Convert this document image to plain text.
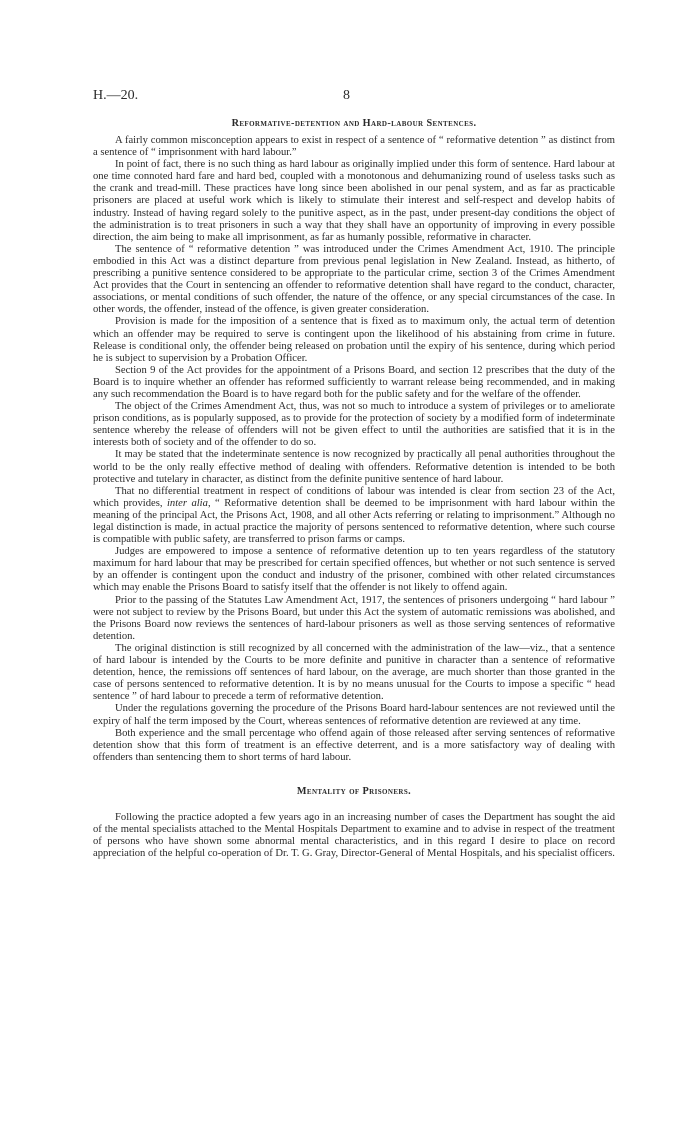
H.—20.	8
Reformative-detention and Hard-labour Sentences.

A fairly common misconception appears to exist in respect of a sentence of “ reformative detention ” as distinct from a sentence of “ imprisonment with hard labour.”

In point of fact, there is no such thing as hard labour as originally implied under this form of sentence. Hard labour at one time connoted hard fare and hard bed, coupled with a monotonous and dehumanizing round of useless tasks such as the crank and tread-mill. These practices have long since been abolished in our penal system, and as far as practicable prisoners are placed at useful work which is likely to stimulate their interest and self-respect and develop habits of industry. Instead of having regard solely to the punitive aspect, as in the past, under present-day conditions the object of the administration is to treat prisoners in such a way that they shall have an opportunity of improving in every possible direction, the aim being to make all imprisonment, as far as humanly possible, reformative in character.

The sentence of “ reformative detention ” was introduced under the Crimes Amendment Act, 1910. The principle embodied in this Act was a distinct departure from previous penal legislation in New Zealand. Instead, as hitherto, of prescribing a punitive sentence considered to be appropriate to the particular crime, section 3 of the Crimes Amendment Act provides that the Court in sentencing an offender to reformative detention shall have regard to the conduct, character, associations, or mental conditions of such offender, the nature of the offence, or any special circumstances of the case. In other words, the offender, instead of the offence, is given greater consideration.

Provision is made for the imposition of a sentence that is fixed as to maximum only, the actual term of detention which an offender may be required to serve is contingent upon the likelihood of his abstaining from crime in future. Release is conditional only, the offender being released on probation until the expiry of his sentence, during which period he is subject to supervision by a Probation Officer.

Section 9 of the Act provides for the appointment of a Prisons Board, and section 12 prescribes that the duty of the Board is to inquire whether an offender has reformed sufficiently to warrant release being recommended, and in making any such recommendation the Board is to have regard both for the public safety and for the welfare of the offender.

The object of the Crimes Amendment Act, thus, was not so much to introduce a system of privileges or to ameliorate prison conditions, as is popularly supposed, as to provide for the protection of society by a modified form of indeterminate sentence whereby the release of offenders will not be given effect to until the authorities are satisfied that it is in the interests both of society and of the offender to do so.

It may be stated that the indeterminate sentence is now recognized by practically all penal authorities throughout the world to be the only really effective method of dealing with offenders. Reformative detention is intended to be both protective and tutelary in character, as distinct from the definite punitive sentence of hard labour.

That no differential treatment in respect of conditions of labour was intended is clear from section 23 of the Act, which provides, inter alia, “ Reformative detention shall be deemed to be imprisonment with hard labour within the meaning of the principal Act, the Prisons Act, 1908, and all other Acts referring or relating to imprisonment.” Although no legal distinction is made, in actual practice the majority of persons sentenced to reformative detention, where such course is compatible with public safety, are transferred to prison farms or camps.

Judges are empowered to impose a sentence of reformative detention up to ten years regardless of the statutory maximum for hard labour that may be prescribed for certain specified offences, but whether or not such sentence is served by an offender is contingent upon the conduct and industry of the prisoner, combined with other related circumstances which may enable the Prisons Board to satisfy itself that the offender is not likely to offend again.

Prior to the passing of the Statutes Law Amendment Act, 1917, the sentences of prisoners undergoing “ hard labour ” were not subject to review by the Prisons Board, but under this Act the system of automatic remissions was abolished, and the Prisons Board now reviews the sentences of hard-labour prisoners as well as those serving sentences of reformative detention.

The original distinction is still recognized by all concerned with the administration of the law—viz., that a sentence of hard labour is intended by the Courts to be more definite and punitive in character than a sentence of reformative detention, hence, the remissions off sentences of hard labour, on the average, are much shorter than those granted in the case of persons sentenced to reformative detention. It is by no means unusual for the Courts to impose a specific “ head sentence ” of hard labour to precede a term of reformative detention.

Under the regulations governing the procedure of the Prisons Board hard-labour sentences are not reviewed until the expiry of half the term imposed by the Court, whereas sentences of reformative detention are reviewed at any time.

Both experience and the small percentage who offend again of those released after serving sentences of reformative detention show that this form of treatment is an effective deterrent, and is a more satisfactory way of dealing with offenders than sentencing them to short terms of hard labour.

Mentality of Prisoners.

Following the practice adopted a few years ago in an increasing number of cases the Department has sought the aid of the mental specialists attached to the Mental Hospitals Department to examine and to advise in respect of the treatment of persons who have shown some abnormal mental characteristics, and in this regard I desire to place on record appreciation of the helpful co-operation of Dr. T. G. Gray, Director-General of Mental Hospitals, and his specialist officers.
